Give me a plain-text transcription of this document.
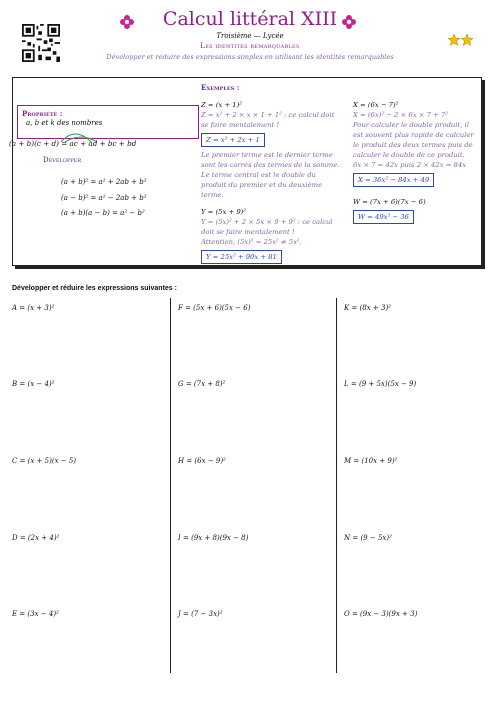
Calcul littéral XIII
Troisième — Lycée
Les identités remarquables
Développer et réduire des expressions simples en utilisant les identités remarquables
Exemples :
Propriété :
a, b et k des nombres
(a + b)(c + d) = ac + ad + bc + bd
Développer
(a + b)² = a² + 2ab + b²
(a − b)² = a² − 2ab + b²
(a + b)(a − b) = a² − b²
Z = (x + 1)²
Z = x² + 2 × x × 1 + 1² : ce calcul doit se faire mentalement !
Z = x² + 2x + 1
Le premier terme est le dernier terme sont les carrés des termes de la somme. Le terme central est le double du produit du premier et du deuxième terme.
Y = (5x + 9)²
Y = (5x)² + 2 × 5x × 9 + 9² : ce calcul doit se faire mentalement !
Attention, (5x)² = 25x² ≠ 5x².
Y = 25x² + 90x + 81
X = (6x − 7)²
X = (6x)² − 2 × 6x × 7 + 7²
Pour calculer le double produit, il est souvent plus rapide de calculer le produit des deux termes puis de calculer le double de ce produit.
6x × 7 = 42x puis 2 × 42x = 84x
X = 36x² − 84x + 49
W = (7x + 6)(7x − 6)
W = 49x² − 36
Développer et réduire les expressions suivantes :
A = (x + 3)²	F = (5x + 6)(5x − 6)	K = (8x + 3)²
B = (x − 4)²	G = (7x + 8)²	L = (9 + 5x)(5x − 9)
C = (x + 5)(x − 5)	H = (6x − 9)²	M = (10x + 9)²
D = (2x + 4)²	I = (9x + 8)(9x − 8)	N = (9 − 5x)²
E = (3x − 4)²	J = (7 − 3x)²	O = (9x − 3)(9x + 3)
